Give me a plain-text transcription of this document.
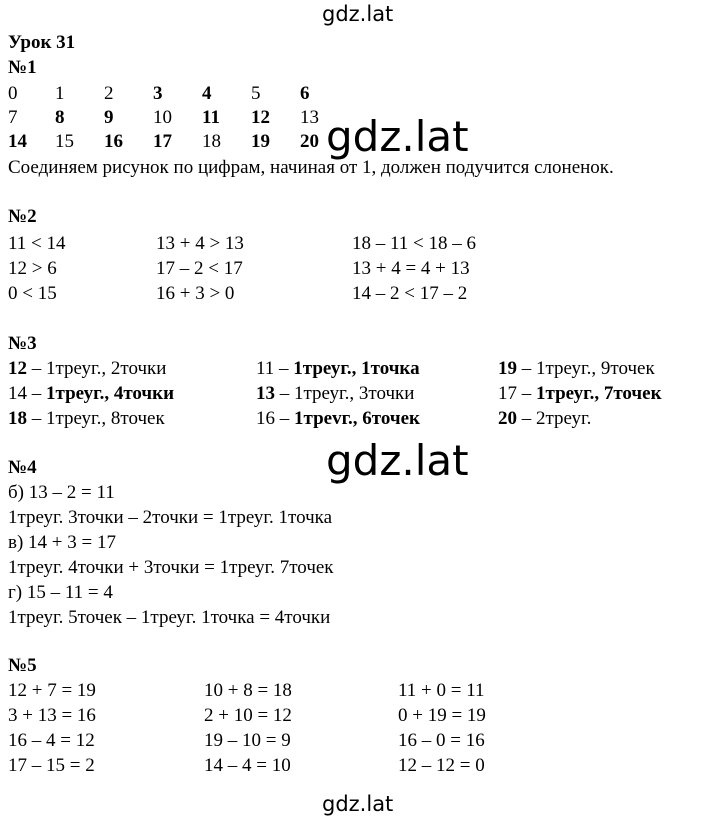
gdz.lat
gdz.lat
gdz.lat
gdz.lat
Урок 31
№1
0 1 2 3 4 5 6
7 8 9 10 11 12 13
14 15 16 17 18 19 20
Соединяем рисунок по цифрам, начиная от 1, должен подучится слоненок.
№2
11 < 14	13 + 4 > 13	18 – 11 < 18 – 6
12 > 6	17 – 2 < 17	13 + 4 = 4 + 13
0 < 15	16 + 3 > 0	14 – 2 < 17 – 2
№3
12 – 1треуг., 2точки	11 – 1треуг., 1точка	19 – 1треуг., 9точек
14 – 1треуг., 4точки	13 – 1треуг., 3точки	17 – 1треуг., 7точек
18 – 1треуг., 8точек	16 – 1треvг., 6точек	20 – 2треуг.
№4
б) 13 – 2 = 11
1треуг. 3точки – 2точки = 1треуг. 1точка
в) 14 + 3 = 17
1треуг. 4точки + 3точки = 1треуг. 7точек
г) 15 – 11 = 4
1треуг. 5точек – 1треуг. 1точка = 4точки
№5
12 + 7 = 19	10 + 8 = 18	11 + 0 = 11
3 + 13 = 16	2 + 10 = 12	0 + 19 = 19
16 – 4 = 12	19 – 10 = 9	16 – 0 = 16
17 – 15 = 2	14 – 4 = 10	12 – 12 = 0
